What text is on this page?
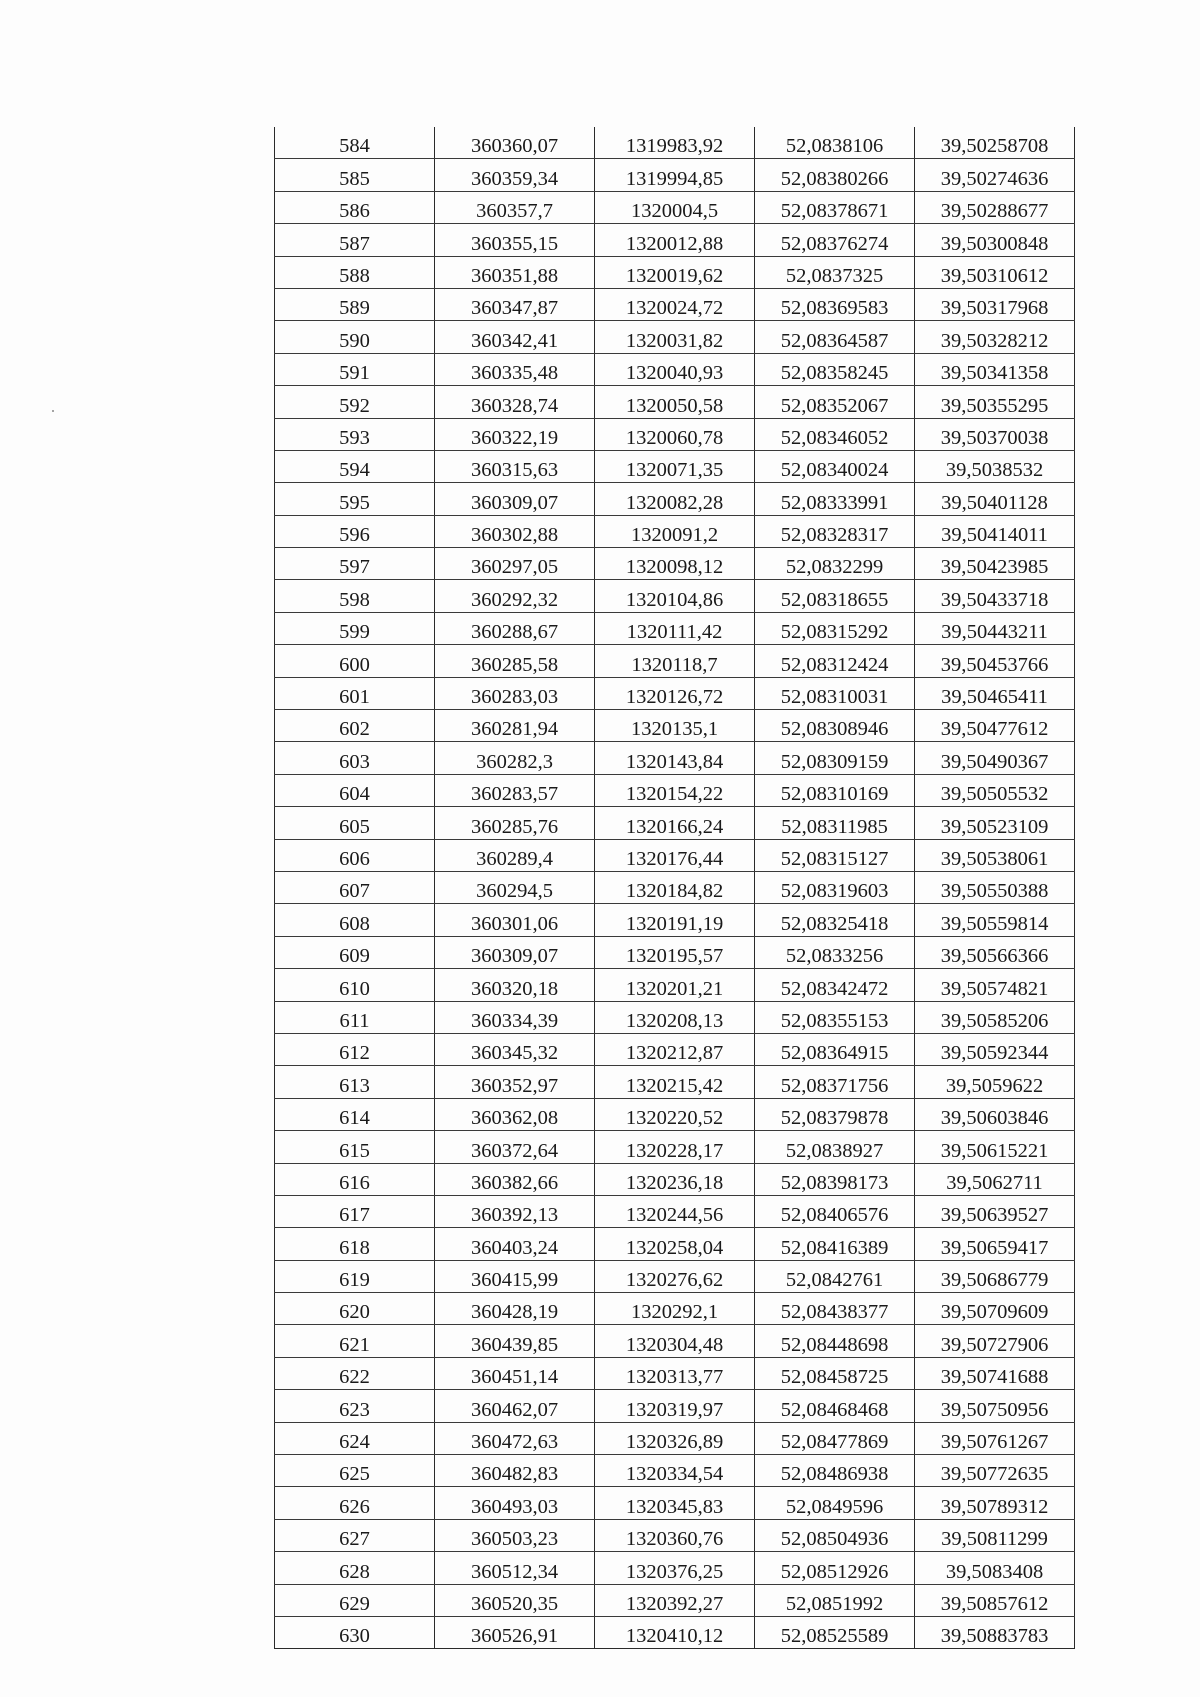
584	360360,07	1319983,92	52,0838106	39,50258708
585	360359,34	1319994,85	52,08380266	39,50274636
586	360357,7	1320004,5	52,08378671	39,50288677
587	360355,15	1320012,88	52,08376274	39,50300848
588	360351,88	1320019,62	52,0837325	39,50310612
589	360347,87	1320024,72	52,08369583	39,50317968
590	360342,41	1320031,82	52,08364587	39,50328212
591	360335,48	1320040,93	52,08358245	39,50341358
592	360328,74	1320050,58	52,08352067	39,50355295
593	360322,19	1320060,78	52,08346052	39,50370038
594	360315,63	1320071,35	52,08340024	39,5038532
595	360309,07	1320082,28	52,08333991	39,50401128
596	360302,88	1320091,2	52,08328317	39,50414011
597	360297,05	1320098,12	52,0832299	39,50423985
598	360292,32	1320104,86	52,08318655	39,50433718
599	360288,67	1320111,42	52,08315292	39,50443211
600	360285,58	1320118,7	52,08312424	39,50453766
601	360283,03	1320126,72	52,08310031	39,50465411
602	360281,94	1320135,1	52,08308946	39,50477612
603	360282,3	1320143,84	52,08309159	39,50490367
604	360283,57	1320154,22	52,08310169	39,50505532
605	360285,76	1320166,24	52,08311985	39,50523109
606	360289,4	1320176,44	52,08315127	39,50538061
607	360294,5	1320184,82	52,08319603	39,50550388
608	360301,06	1320191,19	52,08325418	39,50559814
609	360309,07	1320195,57	52,0833256	39,50566366
610	360320,18	1320201,21	52,08342472	39,50574821
611	360334,39	1320208,13	52,08355153	39,50585206
612	360345,32	1320212,87	52,08364915	39,50592344
613	360352,97	1320215,42	52,08371756	39,5059622
614	360362,08	1320220,52	52,08379878	39,50603846
615	360372,64	1320228,17	52,0838927	39,50615221
616	360382,66	1320236,18	52,08398173	39,5062711
617	360392,13	1320244,56	52,08406576	39,50639527
618	360403,24	1320258,04	52,08416389	39,50659417
619	360415,99	1320276,62	52,0842761	39,50686779
620	360428,19	1320292,1	52,08438377	39,50709609
621	360439,85	1320304,48	52,08448698	39,50727906
622	360451,14	1320313,77	52,08458725	39,50741688
623	360462,07	1320319,97	52,08468468	39,50750956
624	360472,63	1320326,89	52,08477869	39,50761267
625	360482,83	1320334,54	52,08486938	39,50772635
626	360493,03	1320345,83	52,0849596	39,50789312
627	360503,23	1320360,76	52,08504936	39,50811299
628	360512,34	1320376,25	52,08512926	39,5083408
629	360520,35	1320392,27	52,0851992	39,50857612
630	360526,91	1320410,12	52,08525589	39,50883783
